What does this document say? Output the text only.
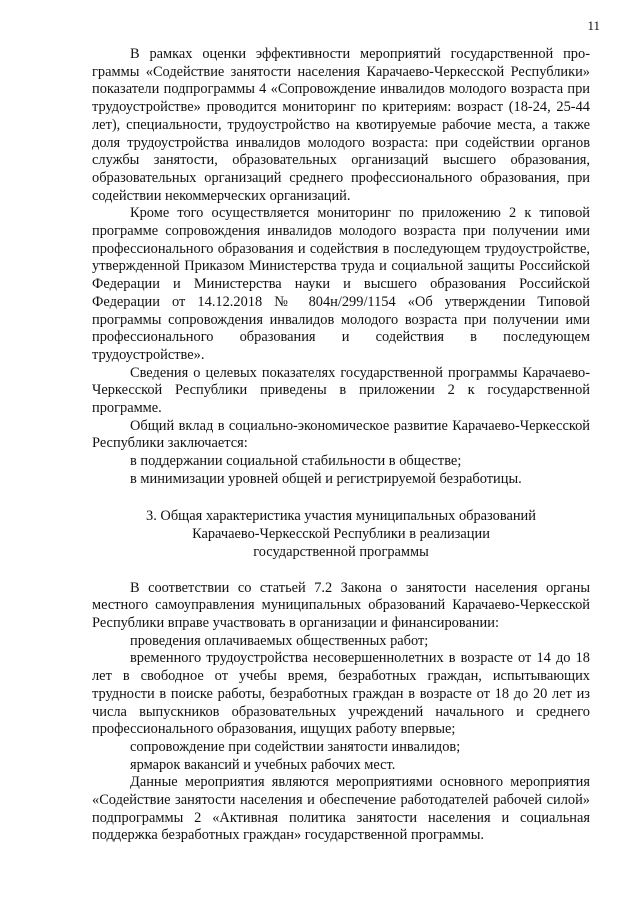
11

В рамках оценки эффективности мероприятий государственной программы «Содействие занятости населения Карачаево-Черкесской Республики» показатели подпрограммы 4 «Сопровождение инвалидов молодого возраста при трудоустройстве» проводится мониторинг по критериям: возраст (18-24, 25-44 лет), специальности, трудоустройство на квотируемые рабочие места, а также доля трудоустройства инвалидов молодого возраста: при содействии органов службы занятости, образовательных организаций высшего образования, образовательных организаций среднего профессионального образования, при содействии некоммерческих организаций.

Кроме того осуществляется мониторинг по приложению 2 к типовой программе сопровождения инвалидов молодого возраста при получении ими профессионального образования и содействия в последующем трудоустройстве, утвержденной Приказом Министерства труда и социальной защиты Российской Федерации и Министерства науки и высшего образования Российской Федерации от 14.12.2018 № 804н/299/1154 «Об утверждении Типовой программы сопровождения инвалидов молодого возраста при получении ими профессионального образования и содействия в последующем трудоустройстве».

Сведения о целевых показателях государственной программы Карачаево-Черкесской Республики приведены в приложении 2 к государственной программе.

Общий вклад в социально-экономическое развитие Карачаево-Черкесской Республики заключается:

в поддержании социальной стабильности в обществе;

в минимизации уровней общей и регистрируемой безработицы.

3. Общая характеристика участия муниципальных образований
Карачаево-Черкесской Республики в реализации
государственной программы

В соответствии со статьей 7.2 Закона о занятости населения органы местного самоуправления муниципальных образований Карачаево-Черкесской Республики вправе участвовать в организации и финансировании:

проведения оплачиваемых общественных работ;

временного трудоустройства несовершеннолетних в возрасте от 14 до 18 лет в свободное от учебы время, безработных граждан, испытывающих трудности в поиске работы, безработных граждан в возрасте от 18 до 20 лет из числа выпускников образовательных учреждений начального и среднего профессионального образования, ищущих работу впервые;

сопровождение при содействии занятости инвалидов;

ярмарок вакансий и учебных рабочих мест.

Данные мероприятия являются мероприятиями основного мероприятия «Содействие занятости населения и обеспечение работодателей рабочей силой» подпрограммы 2 «Активная политика занятости населения и социальная поддержка безработных граждан» государственной программы.
